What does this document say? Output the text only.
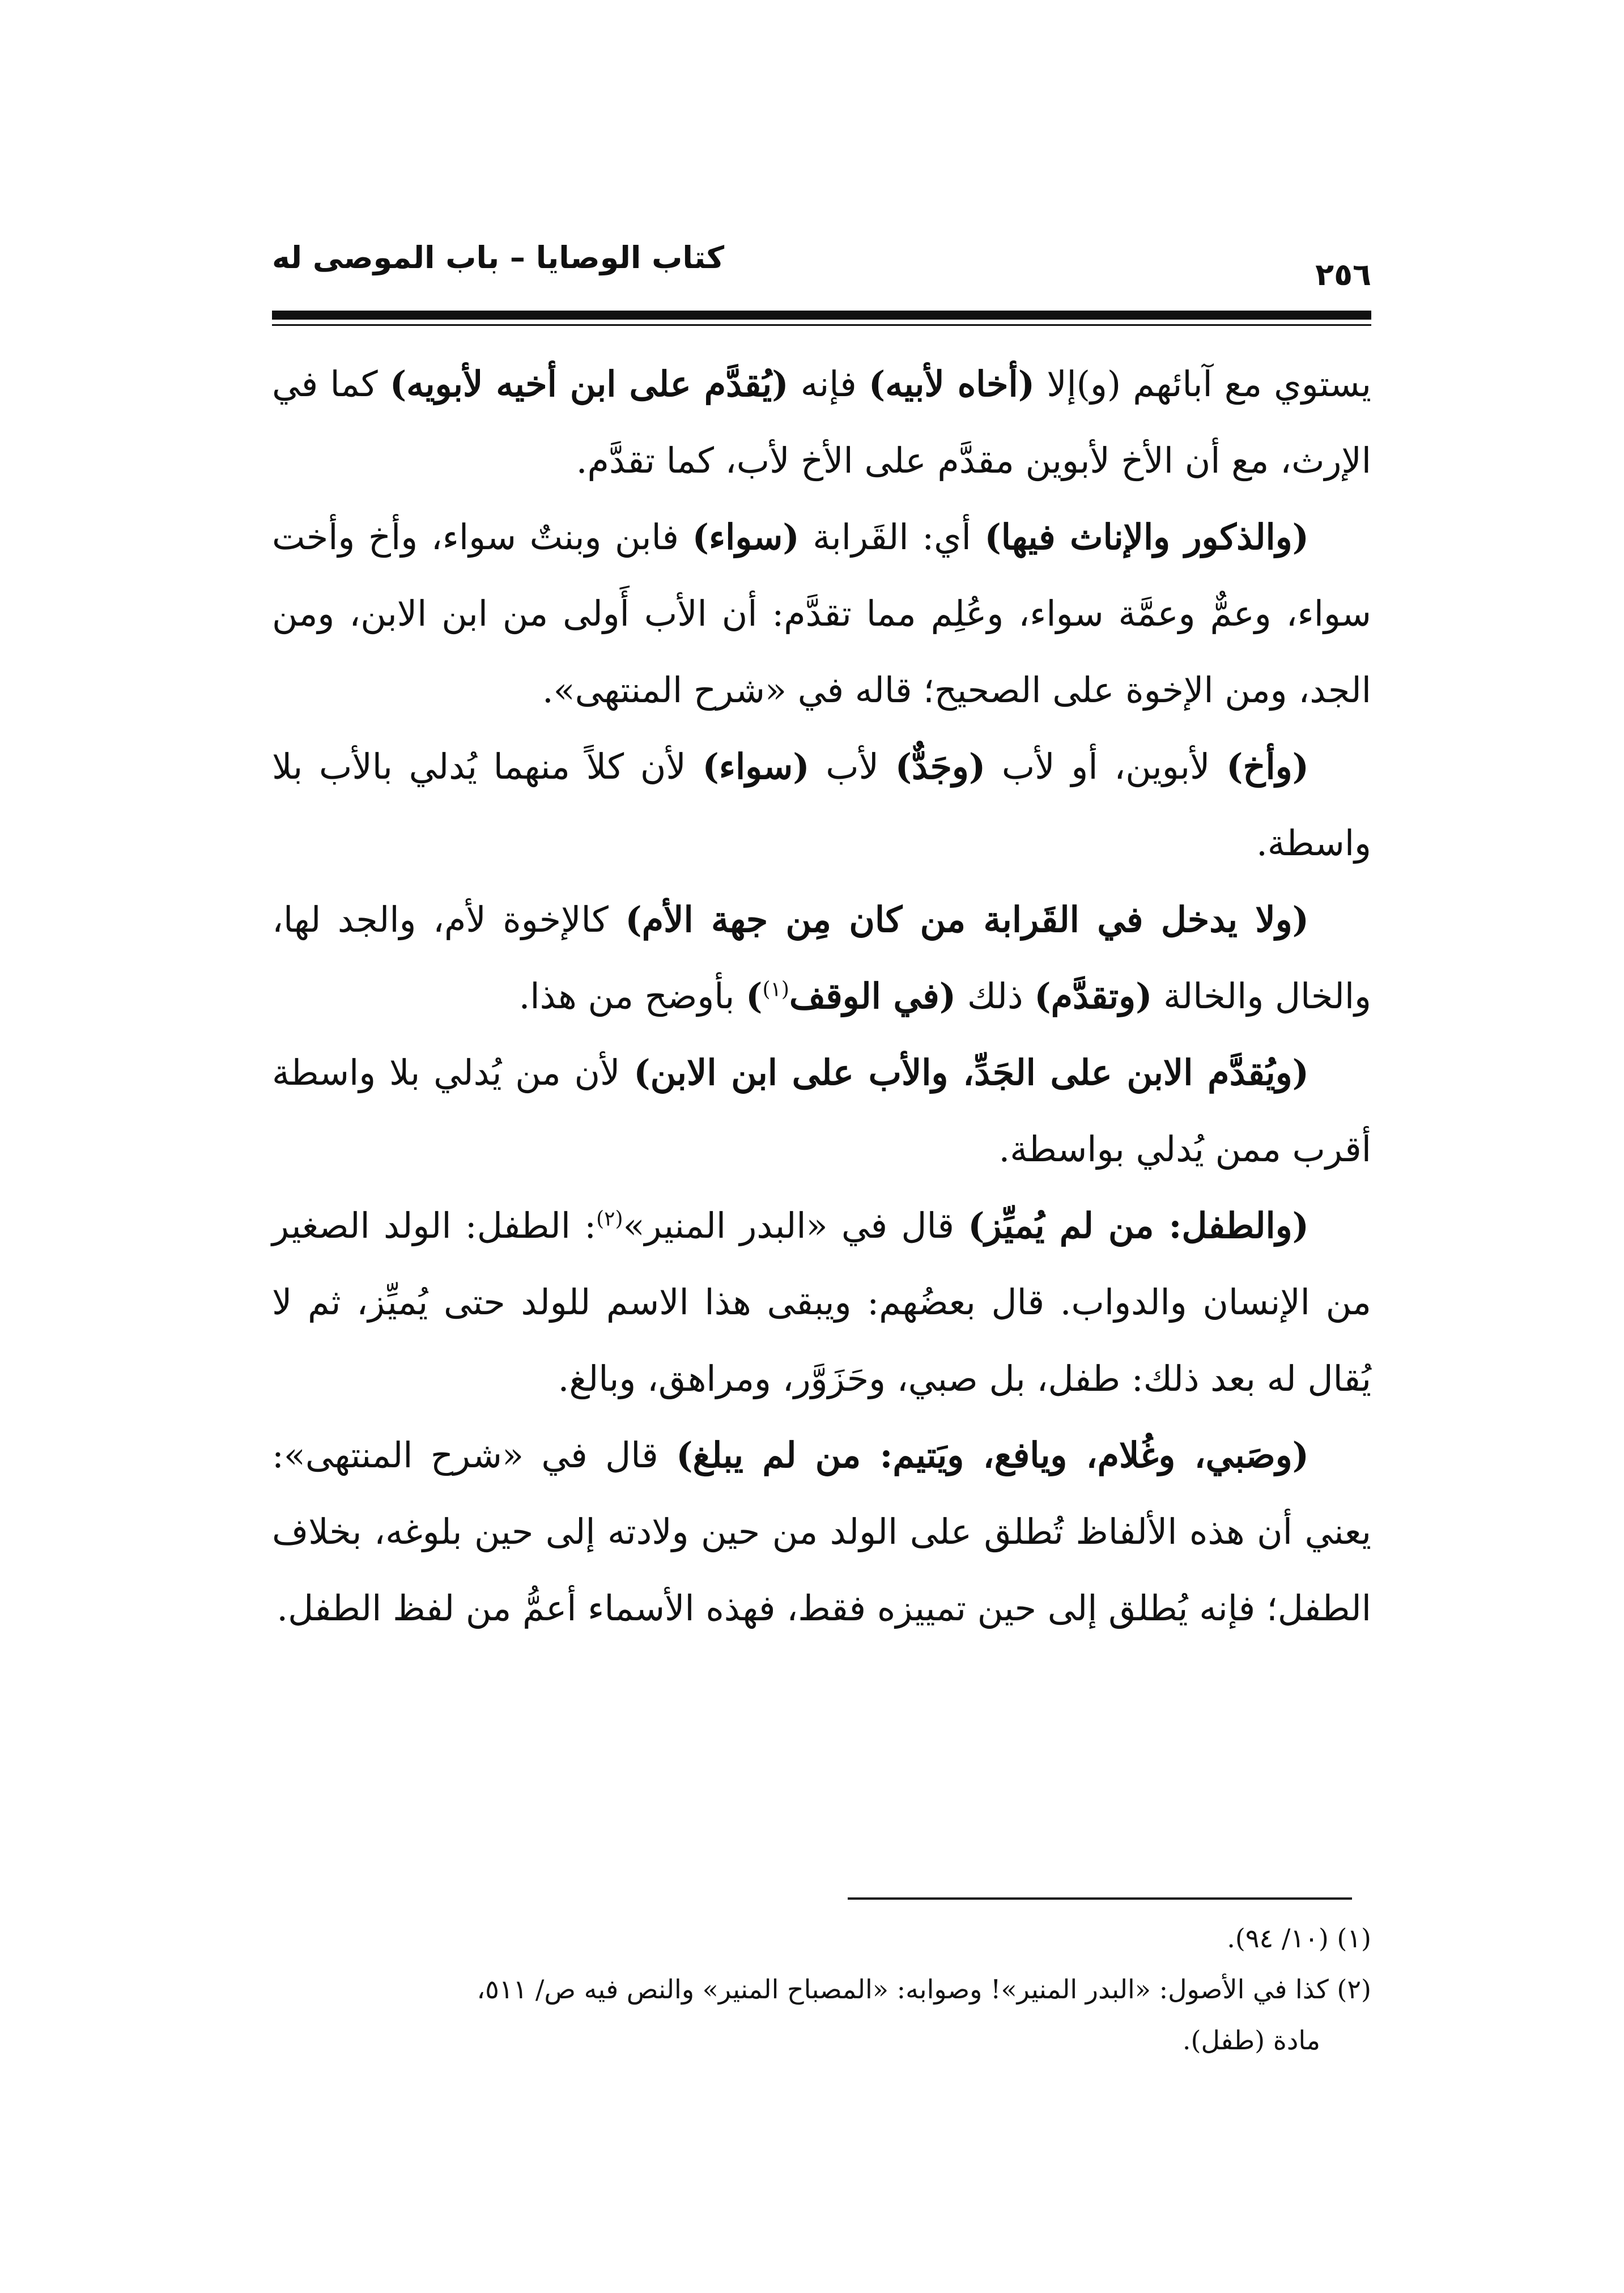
كتاب الوصايا – باب الموصى له	٢٥٦

يستوي مع آبائهم (و)إلا (أخاه لأبيه) فإنه (يُقدَّم على ابن أخيه لأبويه) كما في الإرث، مع أن الأخ لأبوين مقدَّم على الأخ لأب، كما تقدَّم.

(والذكور والإناث فيها) أي: القَرابة (سواء) فابن وبنتٌ سواء، وأخ وأخت سواء، وعمٌّ وعمَّة سواء، وعُلِم مما تقدَّم: أن الأب أَولى من ابن الابن، ومن الجد، ومن الإخوة على الصحيح؛ قاله في «شرح المنتهى».

(وأخ) لأبوين، أو لأب (وجَدٌّ) لأب (سواء) لأن كلاً منهما يُدلي بالأب بلا واسطة.

(ولا يدخل في القَرابة من كان مِن جهة الأم) كالإخوة لأم، والجد لها، والخال والخالة (وتقدَّم) ذلك (في الوقف$^{(١)}$) بأوضح من هذا.

(ويُقدَّم الابن على الجَدِّ، والأب على ابن الابن) لأن من يُدلي بلا واسطة أقرب ممن يُدلي بواسطة.

(والطفل: من لم يُميِّز) قال في «البدر المنير»$^{(٢)}$: الطفل: الولد الصغير من الإنسان والدواب. قال بعضُهم: ويبقى هذا الاسم للولد حتى يُميِّز، ثم لا يُقال له بعد ذلك: طفل، بل صبي، وحَزَوَّر، ومراهق، وبالغ.

(وصَبي، وغُلام، ويافع، ويَتيم: من لم يبلغ) قال في «شرح المنتهى»: يعني أن هذه الألفاظ تُطلق على الولد من حين ولادته إلى حين بلوغه، بخلاف الطفل؛ فإنه يُطلق إلى حين تمييزه فقط، فهذه الأسماء أعمُّ من لفظ الطفل.

(١) (١٠/ ٩٤).

(٢) كذا في الأصول: «البدر المنير»! وصوابه: «المصباح المنير» والنص فيه ص/ ٥١١،

مادة (طفل).
